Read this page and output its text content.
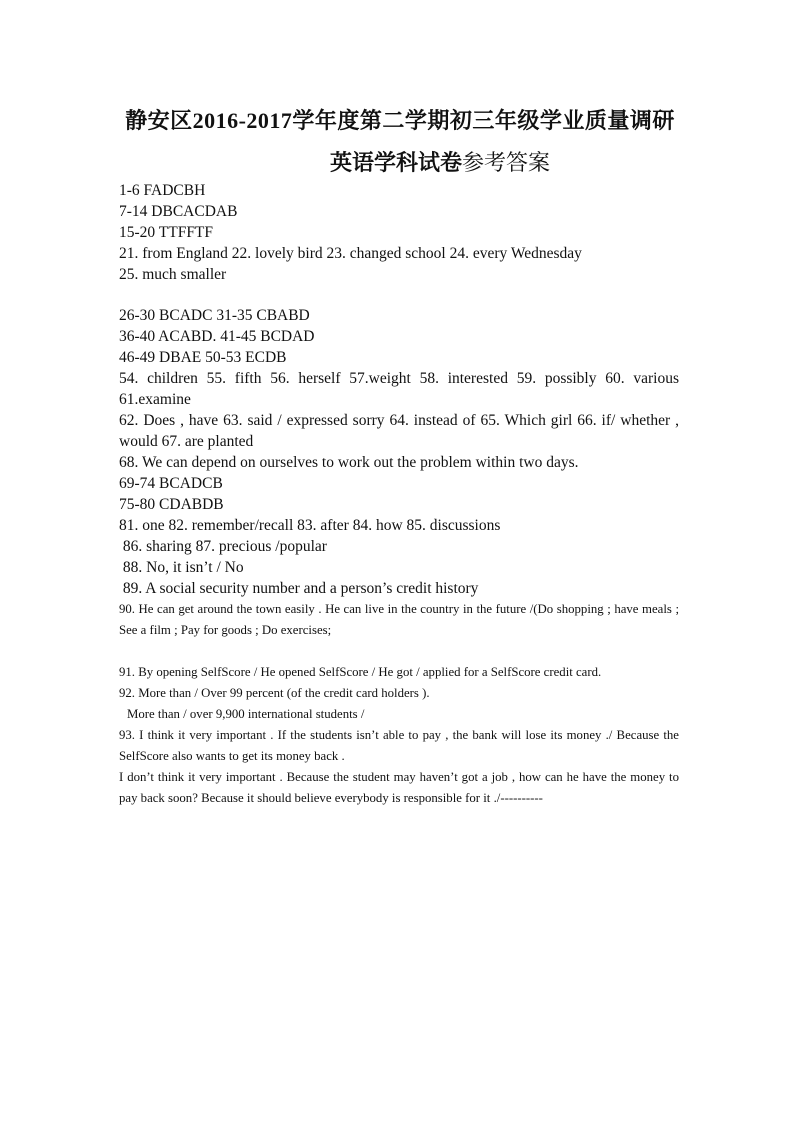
静安区2016-2017学年度第二学期初三年级学业质量调研
英语学科试卷参考答案

1-6 FADCBH

7-14 DBCACDAB

15-20 TTFFTF

21. from England 22. lovely bird 23. changed school 24. every Wednesday

25. much smaller

26-30 BCADC 31-35 CBABD

36-40 ACABD. 41-45 BCDAD

46-49 DBAE 50-53 ECDB

54. children 55. fifth 56. herself 57.weight 58. interested 59. possibly 60. various 61.examine

62. Does , have 63. said / expressed sorry 64. instead of 65. Which girl 66. if/ whether , would 67. are planted

68. We can depend on ourselves to work out the problem within two days.

69-74 BCADCB

75-80 CDABDB

81. one 82. remember/recall 83. after 84. how 85. discussions

86. sharing 87. precious /popular

88. No, it isn’t / No

89. A social security number and a person’s credit history

90. He can get around the town easily . He can live in the country in the future /(Do shopping ; have meals ; See a film ; Pay for goods ; Do exercises;

91. By opening SelfScore / He opened SelfScore / He got / applied for a SelfScore credit card.

92. More than / Over 99 percent (of the credit card holders ).

More than / over 9,900 international students /

93. I think it very important . If the students isn’t able to pay , the bank will lose its money ./ Because the SelfScore also wants to get its money back .

I don’t think it very important . Because the student may haven’t got a job , how can he have the money to pay back soon? Because it should believe everybody is responsible for it ./----------
